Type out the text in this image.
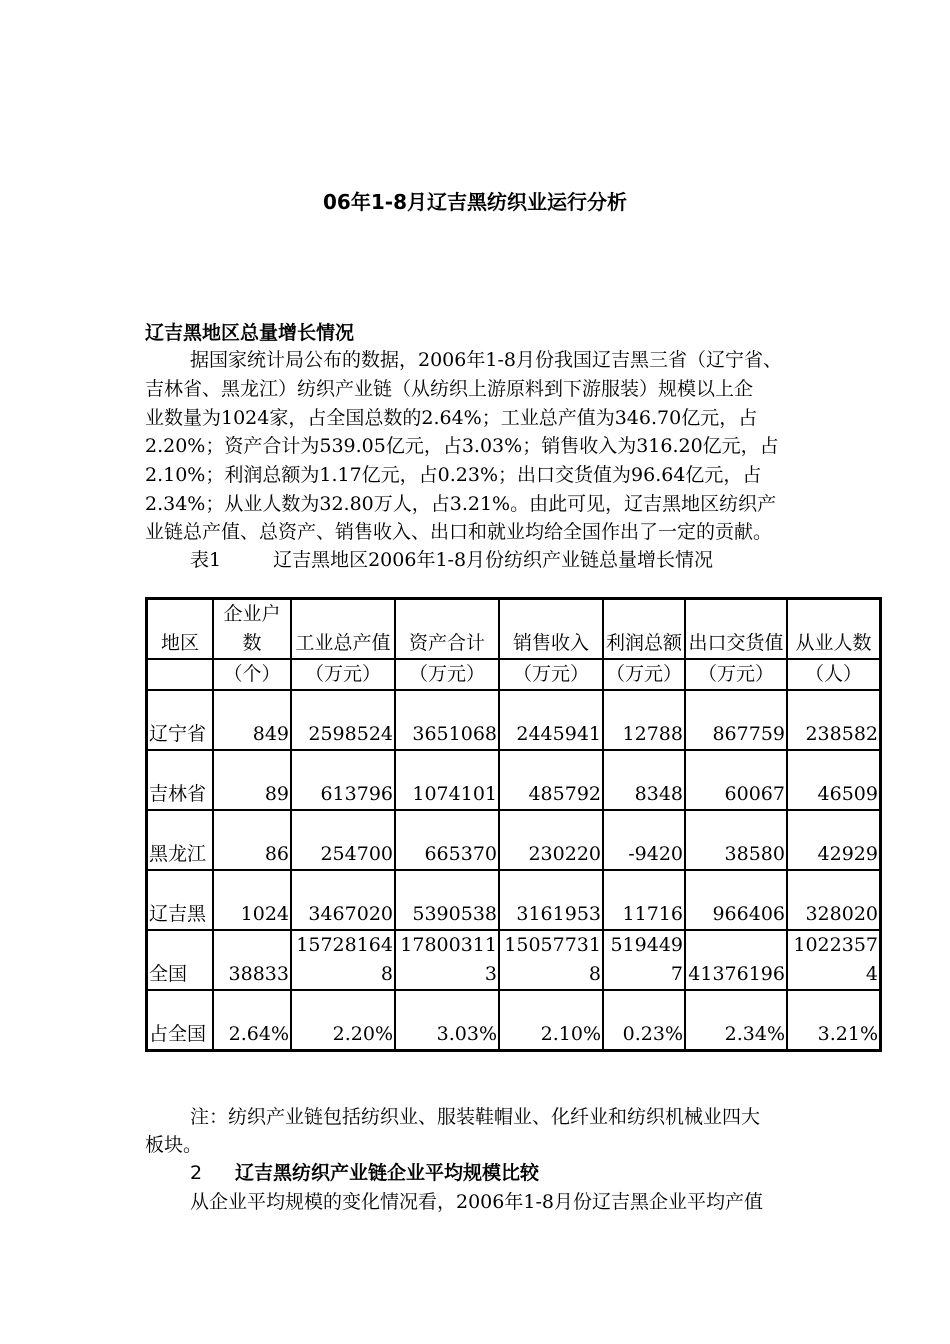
06年1-8月辽吉黑纺织业运行分析
辽吉黑地区总量增长情况
据国家统计局公布的数据，2006年1-8月份我国辽吉黑三省（辽宁省、
吉林省、黑龙江）纺织产业链（从纺织上游原料到下游服装）规模以上企
业数量为1024家，占全国总数的2.64%；工业总产值为346.70亿元，占
2.20%；资产合计为539.05亿元，占3.03%；销售收入为316.20亿元，占
2.10%；利润总额为1.17亿元，占0.23%；出口交货值为96.64亿元，占
2.34%；从业人数为32.80万人，占3.21%。由此可见，辽吉黑地区纺织产
业链总产值、总资产、销售收入、出口和就业均给全国作出了一定的贡献。
表1	辽吉黑地区2006年1-8月份纺织产业链总量增长情况
地区	企业户数	工业总产值	资产合计	销售收入	利润总额	出口交货值	从业人数
	（个）	（万元）	（万元）	（万元）	（万元）	（万元）	（人）
辽宁省	849	2598524	3651068	2445941	12788	867759	238582
吉林省	89	613796	1074101	485792	8348	60067	46509
黑龙江	86	254700	665370	230220	-9420	38580	42929
辽吉黑	1024	3467020	5390538	3161953	11716	966406	328020
全国	38833	157281648	178003113	150577318	5194497	41376196	10223574
占全国	2.64%	2.20%	3.03%	2.10%	0.23%	2.34%	3.21%
注：纺织产业链包括纺织业、服装鞋帽业、化纤业和纺织机械业四大
板块。
2 辽吉黑纺织产业链企业平均规模比较
从企业平均规模的变化情况看，2006年1-8月份辽吉黑企业平均产值
